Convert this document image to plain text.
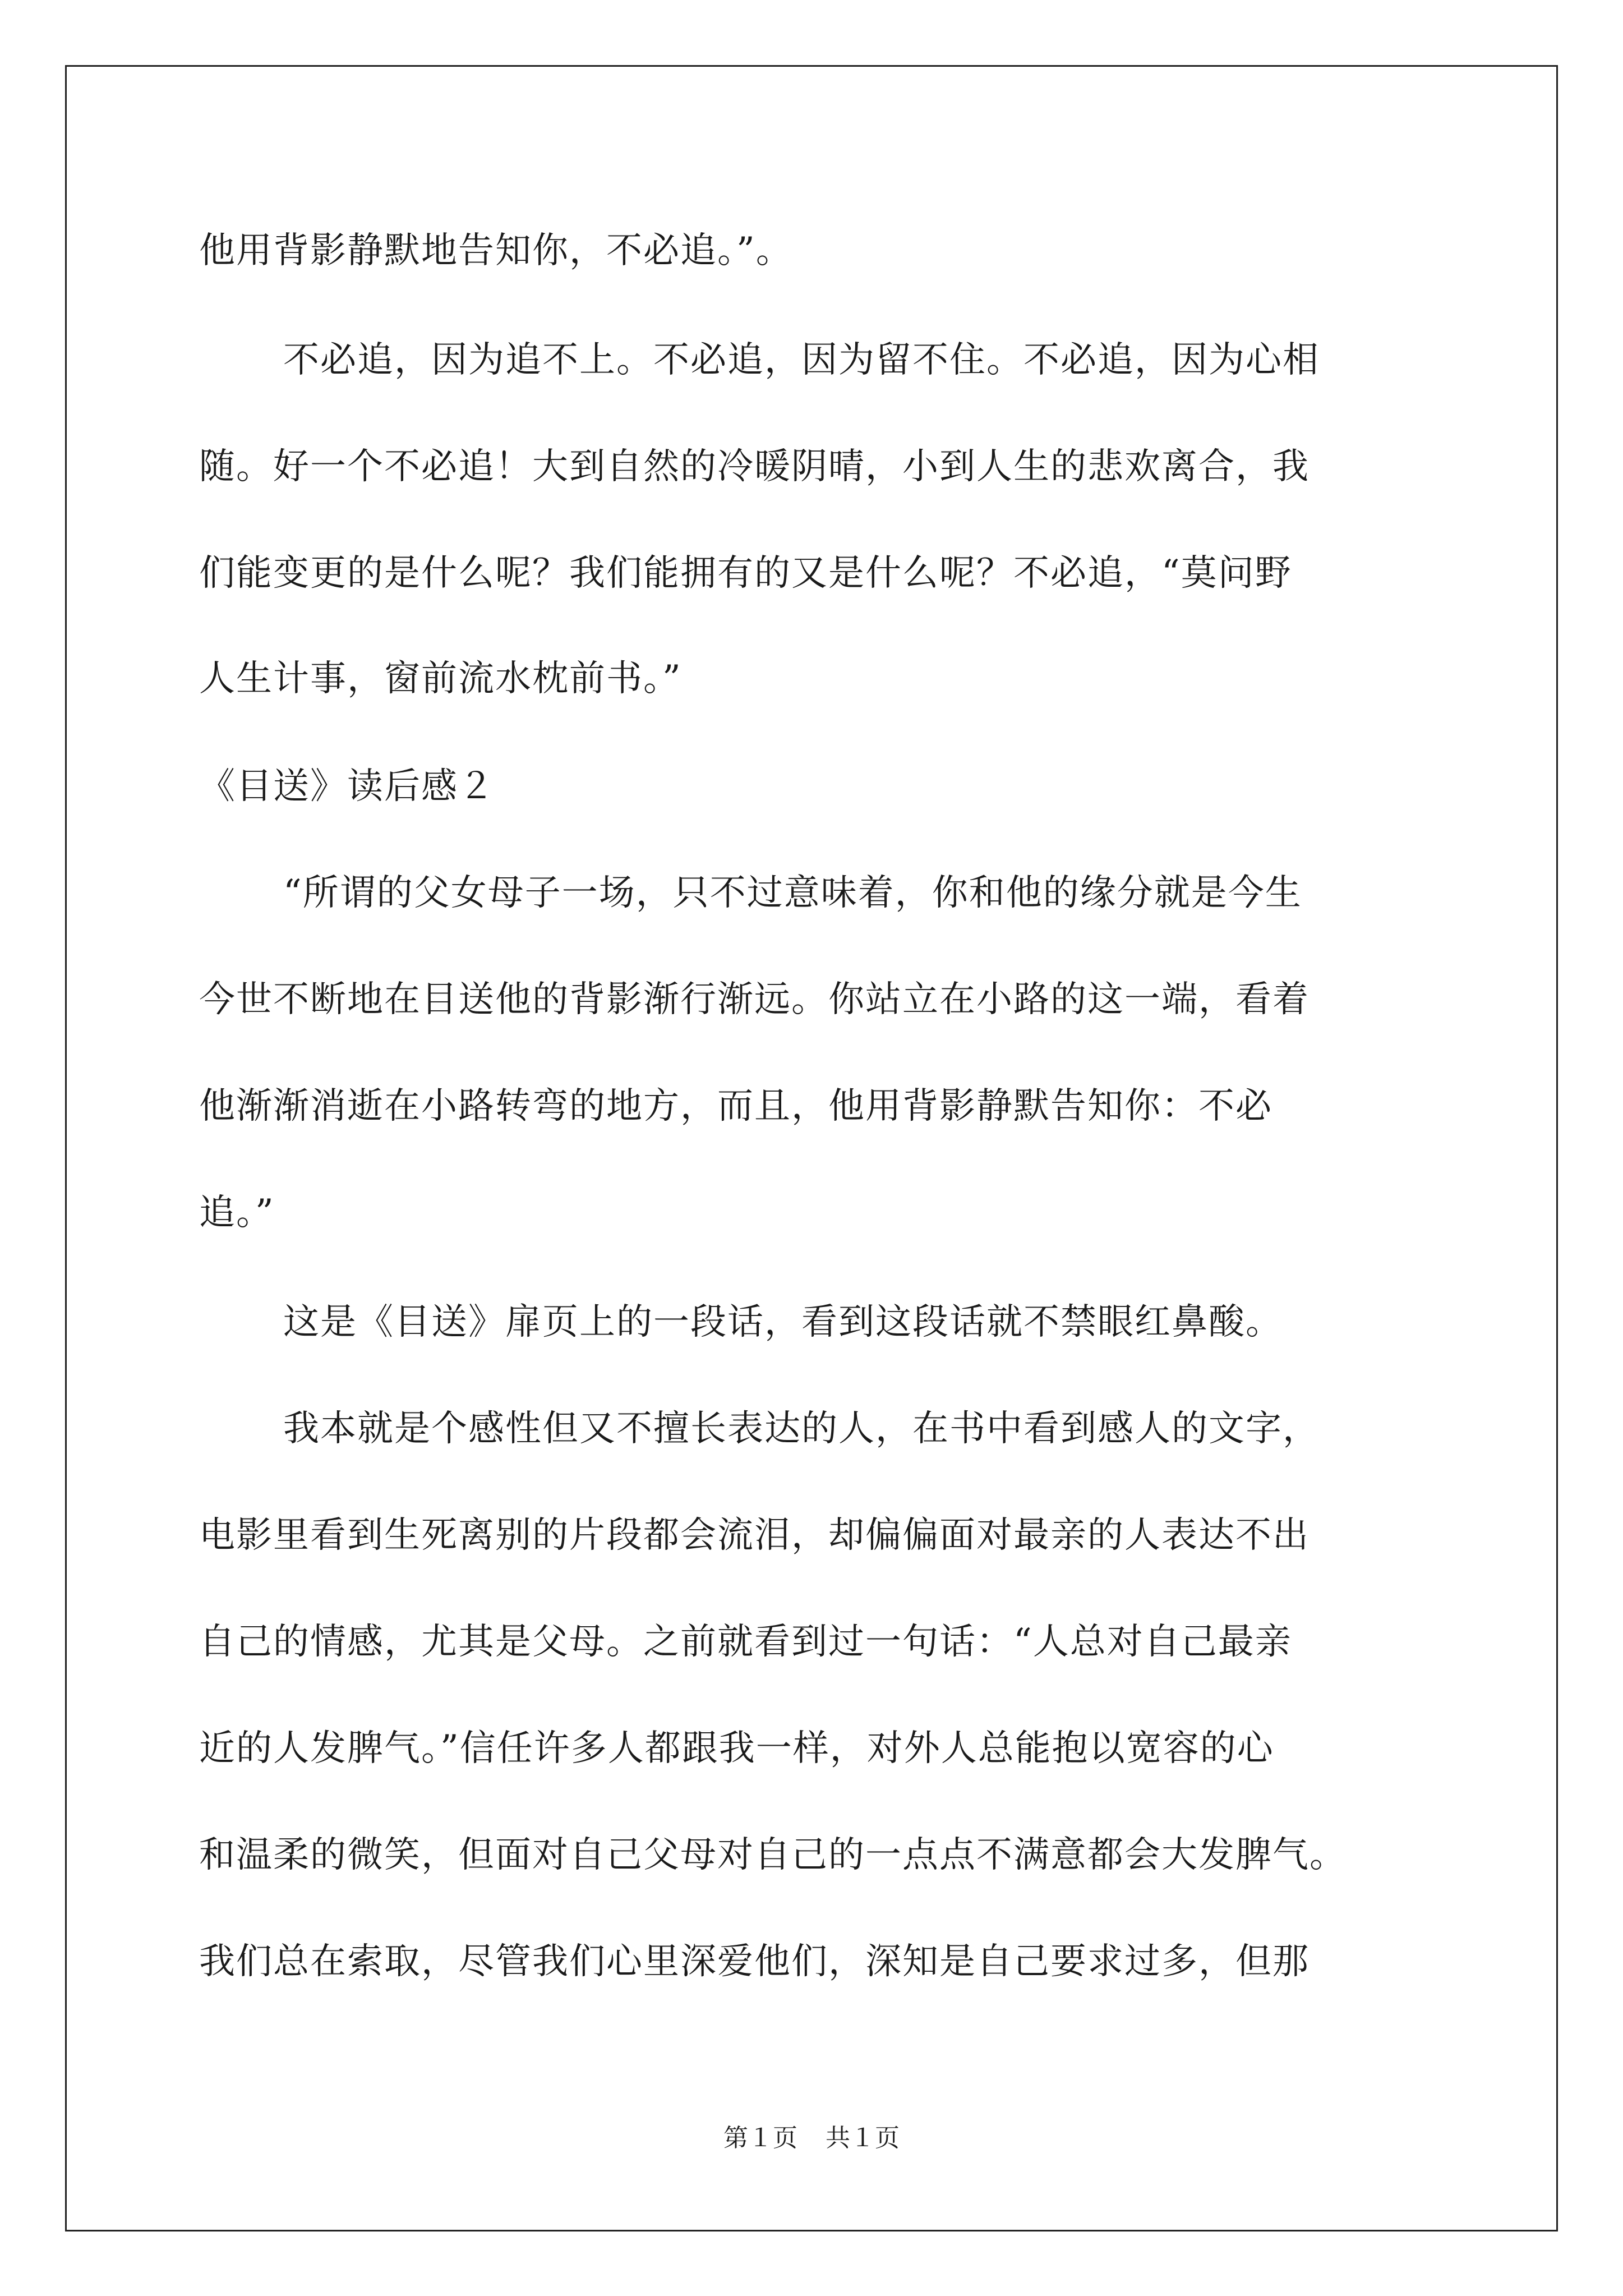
他用背影静默地告知你，不必追。”。
不必追，因为追不上。不必追，因为留不住。不必追，因为心相
随。好一个不必追！大到自然的冷暖阴晴，小到人生的悲欢离合，我
们能变更的是什么呢？我们能拥有的又是什么呢？不必追，“莫问野
人生计事，窗前流水枕前书。”
《目送》读后感２
“所谓的父女母子一场，只不过意味着，你和他的缘分就是今生
今世不断地在目送他的背影渐行渐远。你站立在小路的这一端，看着
他渐渐消逝在小路转弯的地方，而且，他用背影静默告知你：不必
追。”
这是《目送》扉页上的一段话，看到这段话就不禁眼红鼻酸。
我本就是个感性但又不擅长表达的人，在书中看到感人的文字，
电影里看到生死离别的片段都会流泪，却偏偏面对最亲的人表达不出
自己的情感，尤其是父母。之前就看到过一句话：“人总对自己最亲
近的人发脾气。”信任许多人都跟我一样，对外人总能抱以宽容的心
和温柔的微笑，但面对自己父母对自己的一点点不满意都会大发脾气。
我们总在索取，尽管我们心里深爱他们，深知是自己要求过多，但那
第１页 共１页
